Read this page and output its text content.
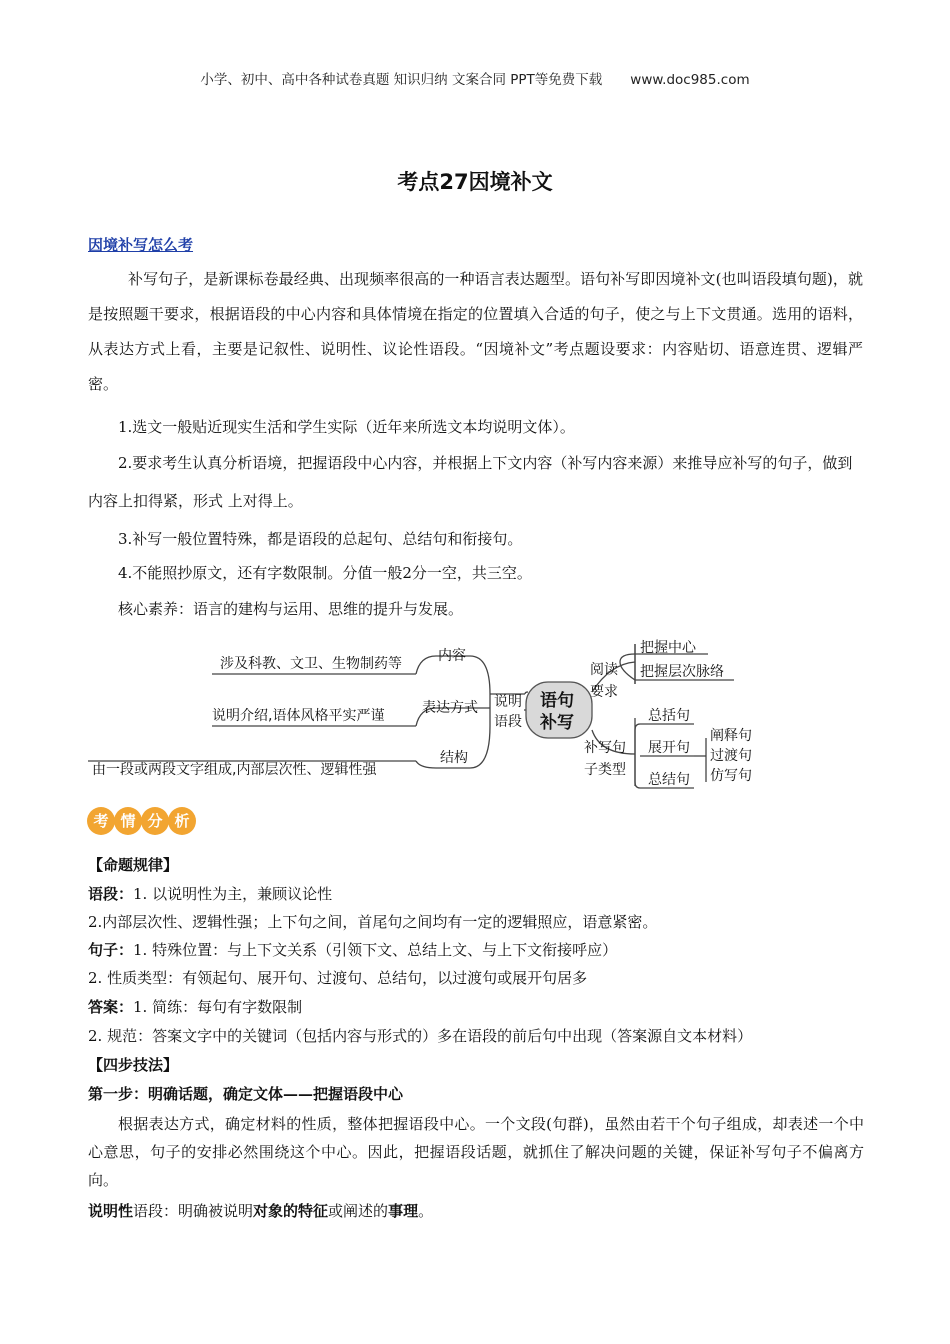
小学、初中、高中各种试卷真题 知识归纳 文案合同 PPT等免费下载 www.doc985.com
考点27因境补文
因境补写怎么考

补写句子，是新课标卷最经典、出现频率很高的一种语言表达题型。语句补写即因境补文(也叫语段填句题)，就是按照题干要求，根据语段的中心内容和具体情境在指定的位置填入合适的句子，使之与上下文贯通。选用的语料，从表达方式上看，主要是记叙性、说明性、议论性语段。“因境补文”考点题设要求：内容贴切、语意连贯、逻辑严密。

1.选文一般贴近现实生活和学生实际（近年来所选文本均说明文体）。

2.要求考生认真分析语境，把握语段中心内容，并根据上下文内容（补写内容来源）来推导应补写的句子，做到内容上扣得紧，形式 上对得上。

3.补写一般位置特殊，都是语段的总起句、总结句和衔接句。

4.不能照抄原文，还有字数限制。分值一般2分一空，共三空。

核心素养：语言的建构与运用、思维的提升与发展。

涉及科教、文卫、生物制药等
说明介绍,语体风格平实严谨
由一段或两段文字组成,内部层次性、逻辑性强
内容
表达方式
结构
说明
语段
阅读
要求
把握中心
把握层次脉络
补写句
子类型
总括句
展开句
总结句
阐释句
过渡句
仿写句
语句
补写
考 情 分 析

【命题规律】

语段：1. 以说明性为主，兼顾议论性

2.内部层次性、逻辑性强；上下句之间，首尾句之间均有一定的逻辑照应，语意紧密。

句子：1. 特殊位置：与上下文关系（引领下文、总结上文、与上下文衔接呼应）

2. 性质类型：有领起句、展开句、过渡句、总结句，以过渡句或展开句居多

答案：1. 简练：每句有字数限制

2. 规范：答案文字中的关键词（包括内容与形式的）多在语段的前后句中出现（答案源自文本材料）

【四步技法】

第一步：明确话题，确定文体——把握语段中心

根据表达方式，确定材料的性质，整体把握语段中心。一个文段(句群)，虽然由若干个句子组成，却表述一个中心意思，句子的安排必然围绕这个中心。因此，把握语段话题，就抓住了解决问题的关键，保证补写句子不偏离方向。

说明性语段：明确被说明对象的特征或阐述的事理。
